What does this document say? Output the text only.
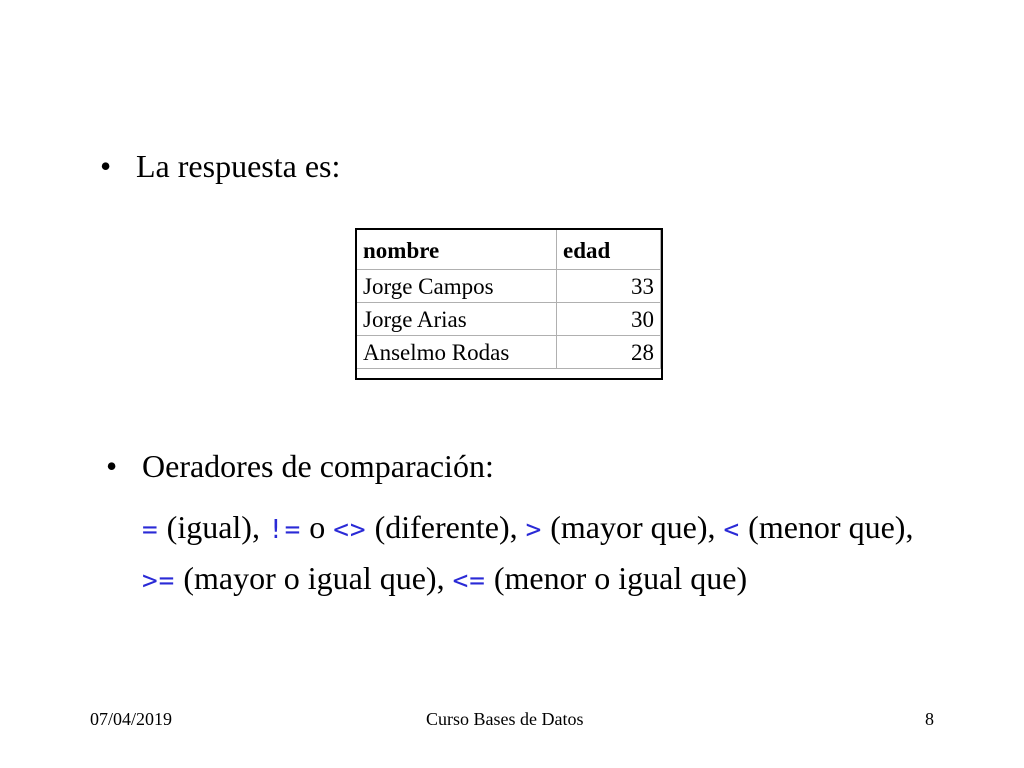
• La respuesta es:
nombre	edad
Jorge Campos	33
Jorge Arias	30
Anselmo Rodas	28
• Oeradores de comparación:
= (igual), != o <> (diferente), > (mayor que), < (menor que), >= (mayor o igual que), <= (menor o igual que)
07/04/2019	Curso Bases de Datos	8
